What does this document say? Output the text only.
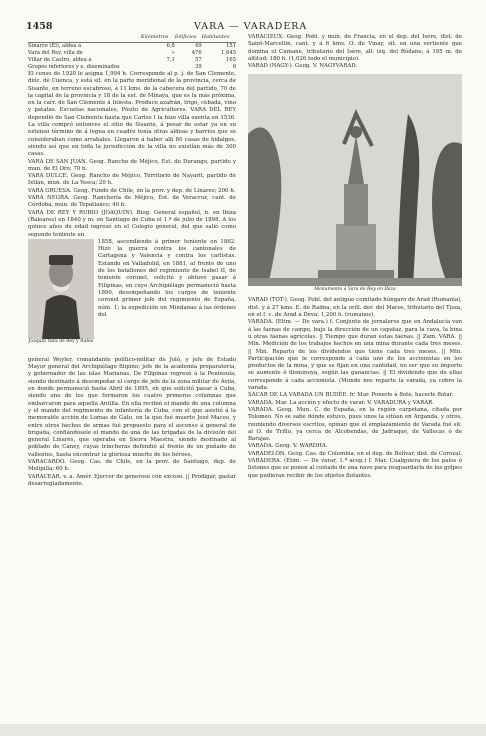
1458	VARA — VARADERA
	Kilómetros	Edificios	Habitantes
Sinarro (El), aldea á	6,8	49	151
Vara del Rey, villa de	»	476	1,645
Villar de Castro, aldea á	7,1	57	165
Grupos inferiores y e. diseminados		39	6

El censo de 1920 le asigna 1,994 h. Corresponde al p. j. de San Clemente, dióc. de Cuenca, y está sit. en la parte meridional de la provincia, cerca de Sisante, en terreno escabroso, á 11 kms. de la cabecera del partido, 70 de la capital de la provincia y 18 de la est. de Minaya, que es la más próxima, en la carr. de San Clemente á Iniesta. Produce azafrán, trigo, cebada, vino y patatas. Escuelas nacionales, Pósito de Agricultores. VARA DEL REY dependió de San Clemente hasta que Carlos I la hizo villa exenta en 1536. La villa compró entonces el sitio de Sisante, á pesar de estar ya en su extenso término de á legua en cuadro tenía otras aldeas y barrios que se consideraban como arrabales. Llegaron á haber allí 80 casas de hidalgos, siendo así que en toda la jurisdicción de la villa no existían más de 300 casas.

VARA DE SAN JUAN. Geog. Rancho de Méjico, Est. de Durango, partido y mun. de El Oro; 70 h.

VARA DULCE. Geog. Rancho de Méjico, Territorio de Nayarit, partido de Ixtlán, mun. de La Yesca; 20 h.

VARA GRUESA. Geog. Fundo de Chile, en la prov. y dep. de Linares; 200 h.

VARA NEGRA. Geog. Ranchería de Méjico, Est. de Veracruz, cant. de Córdoba, mun. de Tepatlaxco; 40 h.

VARA DE REY Y RUBIO (JOAQUÍN). Biog. General español, n. en Ibiza (Baleares) en 1840 y m. en Santiago de Cuba el 1.º de julio de 1898. A los quince años de edad ingresó en el Colegio general, del que salió como segundo teniente en

Joaquín Vara de Rey y Rubio
1858, ascendiendo á primer teniente en 1862. Hizo la guerra contra los cantonales de Cartagena y Valencia y contra los carlistas. Estando en Valladolid, en 1881, al frente de uno de los batallones del regimiento de Isabel II, de teniente coronel, solicitó y obtuvo pasar á Filipinas, en cuyo Archipiélago permaneció hasta 1890, desempeñando los cargos de teniente coronel primer jefe del regimiento de España, núm. 1; la expedición en Mindanao á las órdenes del

general Weyler, comandante político-militar de Joló, y jefe de Estado Mayor general del Archipiélago filipino; jefe de la academia preparatoria, y gobernador de las islas Marianas. De Filipinas regresó á la Península, siendo destinado á desempeñar el cargo de jefe de la zona militar de Ávila, en donde permaneció hasta Abril de 1895, en que solicitó pasar á Cuba, siendo uno de los que formaron los cuatro primeros columnas que embarcaron para aquella Antilla. En ella recibió el mando de una columna y el mando del regimiento de infantería de Cuba, con el que asistió á la memorable acción de Lomas de Gato, en la que fué muerto José Maceo, y entre otros hechos de armas fué propuesto para el ascenso á general de brigada, confiándosele el mando de una de las brigadas de la división del general Linares, que operaba en Sierra Maestra, siendo destinado al poblado de Caney, cuyas trincheras defendió al frente de un puñado de valientes, hasta encontrar la gloriosa muerte de los héroes.

VARACARDO. Geog. Cas. de Chile, en la prov. de Santiago, dep. de Melipilla; 60 h.

VARACEAR. v. a. Amér. Ejercer de generoso con exceso. || Prodigar, gastar desarregladamente.

VARACIEUX. Geog. Pobl. y mun. de Francia, en el dep. del Isère, dist. de Saint-Marcellin, cant. y á 6 kms. O. de Vinay, sit. en una vertiente que domina el Cumane, tributario del Isère, all. izq. del Ródano, á 195 m. de altitud; 180 h. (1,026 todo el municipio).

VARAD (NAGY-). Geog. V. NAGYVARAD.

Monumento á Vara de Rey en Ibiza

VARAD (TOT-). Geog. Pobl. del antiguo comitado húngaro de Arad (Rumania), dist. y á 27 kms. E. de Radna, en la orill. der. del Maros, tributario del Tisza, en el f. c. de Arad á Déva; 1,200 h. (rumanos).

VARADA. (Etim. — De vara.) f. Conjunto de jornaleros que en Andalucía van á las faenas de campo, bajo la dirección de un capataz, para la cava, la bina ú otras faenas agrícolas. || Tiempo que duran estas faenas. || Zam. VARA. || Min. Medición de los trabajos hechos en una mina durante cada tres meses. || Min. Reparto de los dividendos que tiene cada tres meses. || Min. Participación que le corresponde á cada uno de los accionistas en los productos de la mina, y que se fijan en una cantidad, no ser que su importe se aumente ó disminuya, según las ganancias. || El dividendo que de ellas corresponde á cada accionista. (Mundo nos reparte la varada, ya cobre la varada.

SACAR DE LA VARADA UN BUDÉE. fr. Mar. Ponerle á flote, hacerle flotar.

VARADA. Mar. La acción y efecto de varar. V. VARADURA y VARAR.

VARADA. Geog. Mun. C. de España, en la región carpetana, citada por Tolomeo. No se sabe dónde estuvo, pues unos la sitúan en Arganda, y otros, reuniendo diversos escritos, opinan que el emplazamiento de Varada fué sit. al O. de Trillo, ya cerca de Alcobendas, de Jadraque, de Vallecas ó de Barajas.

VARADA. Geog. V. WARDHA.

VARADELÓN. Geog. Cas. de Colombia, en el dep. de Bolívar, dist. de Corozal.

VARADERA. (Etim. — De varar, 1.ª acep.) f. Mar. Cualquiera de los palos ó listones que se ponen al costado de una nave para resguardarla de los golpes que pudieran recibir de los objetos flotantes.
